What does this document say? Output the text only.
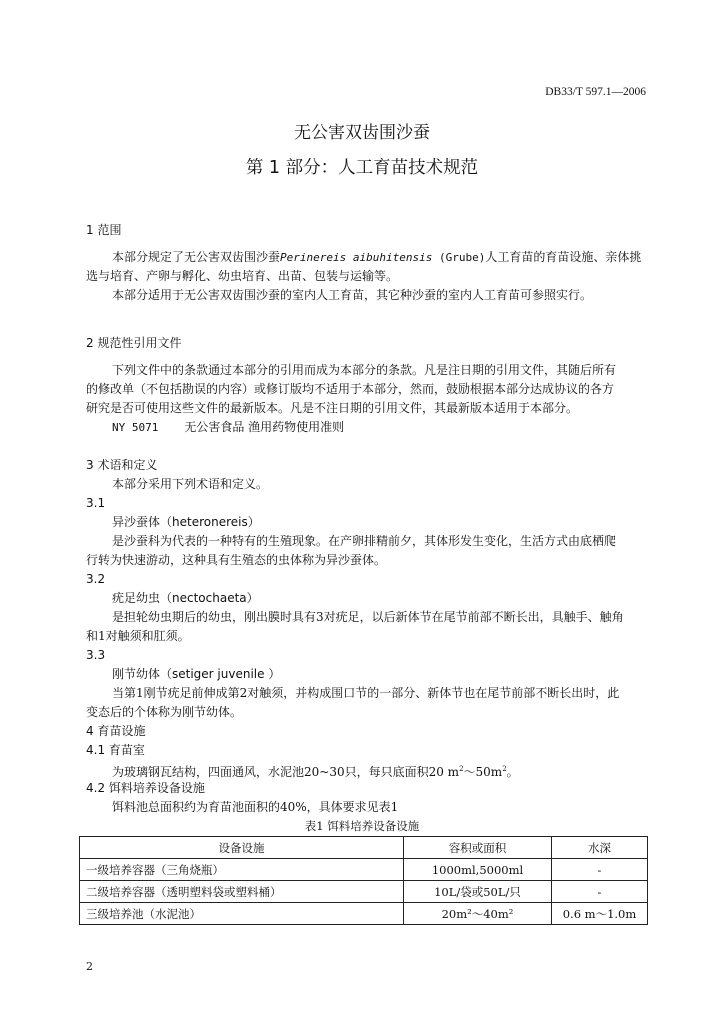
DB33/T 597.1—2006
无公害双齿围沙蚕
第 1 部分：人工育苗技术规范
1 范围
本部分规定了无公害双齿围沙蚕Perinereis aibuhitensis (Grube)人工育苗的育苗设施、亲体挑
选与培育、产卵与孵化、幼虫培育、出苗、包装与运输等。
本部分适用于无公害双齿围沙蚕的室内人工育苗，其它种沙蚕的室内人工育苗可参照实行。
2 规范性引用文件
下列文件中的条款通过本部分的引用而成为本部分的条款。凡是注日期的引用文件，其随后所有
的修改单（不包括勘误的内容）或修订版均不适用于本部分，然而，鼓励根据本部分达成协议的各方
研究是否可使用这些文件的最新版本。凡是不注日期的引用文件，其最新版本适用于本部分。
NY 5071 无公害食品 渔用药物使用准则
3 术语和定义
本部分采用下列术语和定义。
3.1
异沙蚕体（heteronereis）
是沙蚕科为代表的一种特有的生殖现象。在产卵排精前夕，其体形发生变化，生活方式由底栖爬
行转为快速游动，这种具有生殖态的虫体称为异沙蚕体。
3.2
疣足幼虫（nectochaeta）
是担轮幼虫期后的幼虫，刚出膜时具有3对疣足，以后新体节在尾节前部不断长出，具触手、触角
和1对触须和肛须。
3.3
刚节幼体（setiger juvenile ）
当第1刚节疣足前伸成第2对触须，并构成围口节的一部分、新体节也在尾节前部不断长出时，此
变态后的个体称为刚节幼体。
4 育苗设施
4.1 育苗室
为玻璃钢瓦结构，四面通风，水泥池20~30只，每只底面积20 $m^2\sim 50m^2$。
4.2 饵料培养设备设施
饵料池总面积约为育苗池面积的40%，具体要求见表1
表1 饵料培养设备设施
设备设施	容积或面积	水深
一级培养容器（三角烧瓶）	1000ml,5000ml	-
二级培养容器（透明塑料袋或塑料桶）	10L/袋或50L/只	-
三级培养池（水泥池）	20m²～40m²	0.6 m～1.0m
2
